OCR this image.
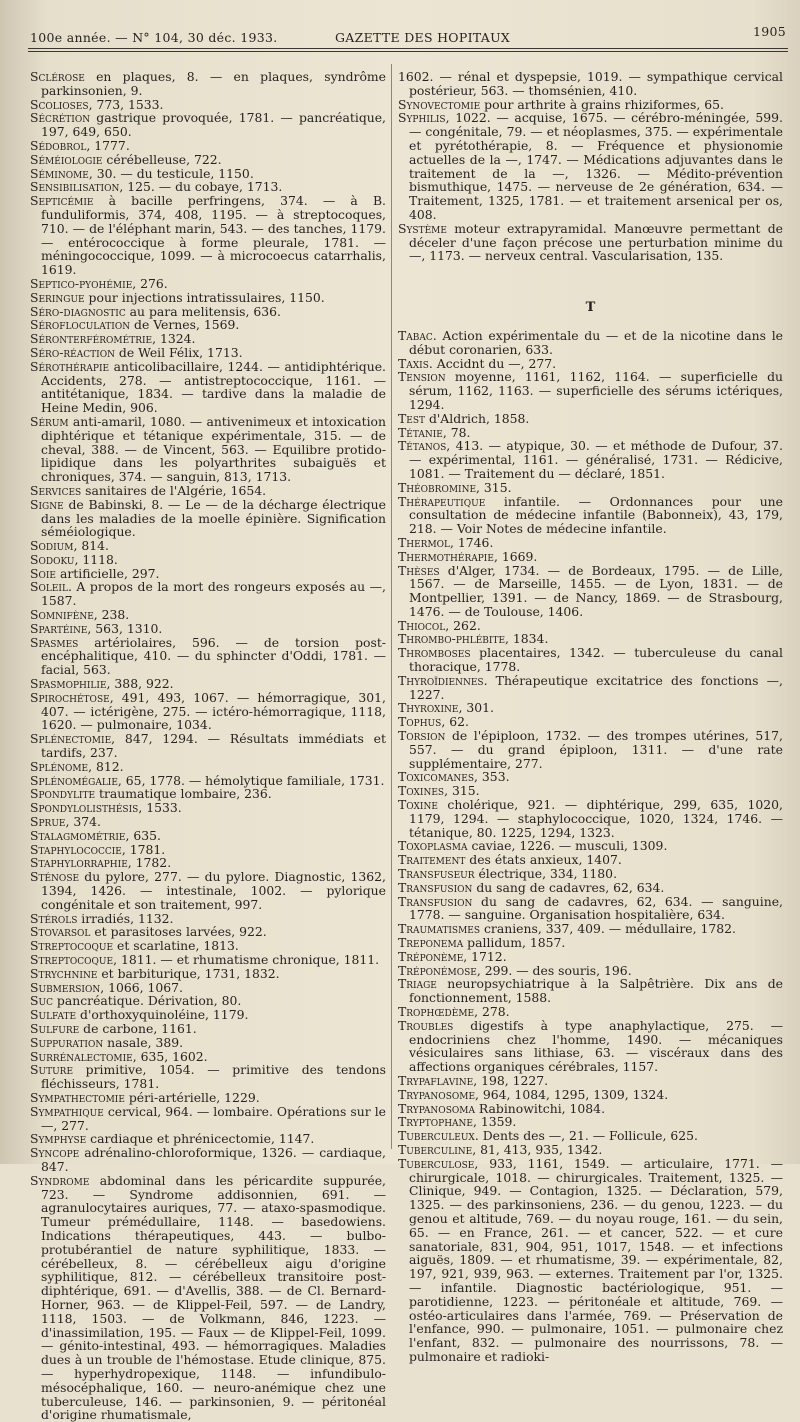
100e année. — N° 104, 30 déc. 1933.	GAZETTE DES HOPITAUX	1905

Sclérose en plaques, 8. — en plaques, syndrôme parkinsonien, 9.

Scolioses, 773, 1533.

Sécrétion gastrique provoquée, 1781. — pancréatique, 197, 649, 650.

Sédobrol, 1777.

Séméiologie cérébelleuse, 722.

Séminome, 30. — du testicule, 1150.

Sensibilisation, 125. — du cobaye, 1713.

Septicémie à bacille perfringens, 374. — à B. funduliformis, 374, 408, 1195. — à streptocoques, 710. — de l'éléphant marin, 543. — des tanches, 1179. — entérococcique à forme pleurale, 1781. — méningococcique, 1099. — à microcoecus catarrhalis, 1619.

Septico-pyohémie, 276.

Seringue pour injections intratissulaires, 1150.

Séro-diagnostic au para melitensis, 636.

Sérofloculation de Vernes, 1569.

Séronterférométrie, 1324.

Séro-réaction de Weil Félix, 1713.

Sérothérapie anticolibacillaire, 1244. — antidiphtérique. Accidents, 278. — antistreptococcique, 1161. — antitétanique, 1834. — tardive dans la maladie de Heine Medin, 906.

Sérum anti-amaril, 1080. — antivenimeux et intoxication diphtérique et tétanique expérimentale, 315. — de cheval, 388. — de Vincent, 563. — Equilibre protido-lipidique dans les polyarthrites subaiguës et chroniques, 374. — sanguin, 813, 1713.

Services sanitaires de l'Algérie, 1654.

Signe de Babinski, 8. — Le — de la décharge électrique dans les maladies de la moelle épinière. Signification séméiologique.

Sodium, 814.

Sodoku, 1118.

Soie artificielle, 297.

Soleil. A propos de la mort des rongeurs exposés au —, 1587.

Somnifène, 238.

Spartéine, 563, 1310.

Spasmes artériolaires, 596. — de torsion post-encéphalitique, 410. — du sphincter d'Oddi, 1781. — facial, 563.

Spasmophilie, 388, 922.

Spirochétose, 491, 493, 1067. — hémorragique, 301, 407. — ictérigène, 275. — ictéro-hémorragique, 1118, 1620. — pulmonaire, 1034.

Splénectomie, 847, 1294. — Résultats immédiats et tardifs, 237.

Splénome, 812.

Splénomégalie, 65, 1778. — hémolytique familiale, 1731.

Spondylite traumatique lombaire, 236.

Spondylolisthésis, 1533.

Sprue, 374.

Stalagmométrie, 635.

Staphylococcie, 1781.

Staphylorraphie, 1782.

Sténose du pylore, 277. — du pylore. Diagnostic, 1362, 1394, 1426. — intestinale, 1002. — pylorique congénitale et son traitement, 997.

Stérols irradiés, 1132.

Stovarsol et parasitoses larvées, 922.

Streptocoque et scarlatine, 1813.

Streptocoque, 1811. — et rhumatisme chronique, 1811.

Strychnine et barbiturique, 1731, 1832.

Submersion, 1066, 1067.

Suc pancréatique. Dérivation, 80.

Sulfate d'orthoxyquinoléine, 1179.

Sulfure de carbone, 1161.

Suppuration nasale, 389.

Surrénalectomie, 635, 1602.

Suture primitive, 1054. — primitive des tendons fléchisseurs, 1781.

Sympathectomie péri-artérielle, 1229.

Sympathique cervical, 964. — lombaire. Opérations sur le —, 277.

Symphyse cardiaque et phrénicectomie, 1147.

Syncope adrénalino-chloroformique, 1326. — cardiaque, 847.

Syndrome abdominal dans les péricardite suppurée, 723. — Syndrome addisonnien, 691. — agranulocytaires auriques, 77. — ataxo-spasmodique. Tumeur prémédullaire, 1148. — basedowiens. Indications thérapeutiques, 443. — bulbo-protubérantiel de nature syphilitique, 1833. — cérébelleux, 8. — cérébelleux aigu d'origine syphilitique, 812. — cérébelleux transitoire post-diphtérique, 691. — d'Avellis, 388. — de Cl. Bernard-Horner, 963. — de Klippel-Feil, 597. — de Landry, 1118, 1503. — de Volkmann, 846, 1223. — d'inassimilation, 195. — Faux — de Klippel-Feil, 1099. — génito-intestinal, 493. — hémorragiques. Maladies dues à un trouble de l'hémostase. Etude clinique, 875. — hyperhydropexique, 1148. — infundibulo-mésocéphalique, 160. — neuro-anémique chez une tuberculeuse, 146. — parkinsonien, 9. — péritonéal d'origine rhumatismale,

1602. — rénal et dyspepsie, 1019. — sympathique cervical postérieur, 563. — thomsénien, 410.

Synovectomie pour arthrite à grains rhiziformes, 65.

Syphilis, 1022. — acquise, 1675. — cérébro-méningée, 599. — congénitale, 79. — et néoplasmes, 375. — expérimentale et pyrétothérapie, 8. — Fréquence et physionomie actuelles de la —, 1747. — Médications adjuvantes dans le traitement de la —, 1326. — Médito-prévention bismuthique, 1475. — nerveuse de 2e génération, 634. — Traitement, 1325, 1781. — et traitement arsenical per os, 408.

Système moteur extrapyramidal. Manœuvre permettant de déceler d'une façon précose une perturbation minime du —, 1173. — nerveux central. Vascularisation, 135.

T

Tabac. Action expérimentale du — et de la nicotine dans le début coronarien, 633.

Taxis. Accidnt du —, 277.

Tension moyenne, 1161, 1162, 1164. — superficielle du sérum, 1162, 1163. — superficielle des sérums ictériques, 1294.

Test d'Aldrich, 1858.

Tétanie, 78.

Tétanos, 413. — atypique, 30. — et méthode de Dufour, 37. — expérimental, 1161. — généralisé, 1731. — Rédicive, 1081. — Traitement du — déclaré, 1851.

Théobromine, 315.

Thérapeutique infantile. — Ordonnances pour une consultation de médecine infantile (Babonneix), 43, 179, 218. — Voir Notes de médecine infantile.

Thermol, 1746.

Thermothérapie, 1669.

Thèses d'Alger, 1734. — de Bordeaux, 1795. — de Lille, 1567. — de Marseille, 1455. — de Lyon, 1831. — de Montpellier, 1391. — de Nancy, 1869. — de Strasbourg, 1476. — de Toulouse, 1406.

Thiocol, 262.

Thrombo-phlébite, 1834.

Thromboses placentaires, 1342. — tuberculeuse du canal thoracique, 1778.

Thyroïdiennes. Thérapeutique excitatrice des fonctions —, 1227.

Thyroxine, 301.

Tophus, 62.

Torsion de l'épiploon, 1732. — des trompes utérines, 517, 557. — du grand épiploon, 1311. — d'une rate supplémentaire, 277.

Toxicomanes, 353.

Toxines, 315.

Toxine cholérique, 921. — diphtérique, 299, 635, 1020, 1179, 1294. — staphylococcique, 1020, 1324, 1746. — tétanique, 80. 1225, 1294, 1323.

Toxoplasma caviae, 1226. — musculi, 1309.

Traitement des états anxieux, 1407.

Transfuseur électrique, 334, 1180.

Transfusion du sang de cadavres, 62, 634.

Transfusion du sang de cadavres, 62, 634. — sanguine, 1778. — sanguine. Organisation hospitalière, 634.

Traumatismes craniens, 337, 409. — médullaire, 1782.

Treponema pallidum, 1857.

Tréponème, 1712.

Tréponémose, 299. — des souris, 196.

Triage neuropsychiatrique à la Salpêtrière. Dix ans de fonctionnement, 1588.

Trophœdème, 278.

Troubles digestifs à type anaphylactique, 275. — endocriniens chez l'homme, 1490. — mécaniques vésiculaires sans lithiase, 63. — viscéraux dans des affections organiques cérébrales, 1157.

Trypaflavine, 198, 1227.

Trypanosome, 964, 1084, 1295, 1309, 1324.

Trypanosoma Rabinowitchi, 1084.

Tryptophane, 1359.

Tuberculeux. Dents des —, 21. — Follicule, 625.

Tuberculine, 81, 413, 935, 1342.

Tuberculose, 933, 1161, 1549. — articulaire, 1771. — chirurgicale, 1018. — chirurgicales. Traitement, 1325. — Clinique, 949. — Contagion, 1325. — Déclaration, 579, 1325. — des parkinsoniens, 236. — du genou, 1223. — du genou et altitude, 769. — du noyau rouge, 161. — du sein, 65. — en France, 261. — et cancer, 522. — et cure sanatoriale, 831, 904, 951, 1017, 1548. — et infections aiguës, 1809. — et rhumatisme, 39. — expérimentale, 82, 197, 921, 939, 963. — externes. Traitement par l'or, 1325. — infantile. Diagnostic bactériologique, 951. — parotidienne, 1223. — péritonéale et altitude, 769. — ostéo-articulaires dans l'armée, 769. — Préservation de l'enfance, 990. — pulmonaire, 1051. — pulmonaire chez l'enfant, 832. — pulmonaire des nourrissons, 78. — pulmonaire et radioki-
